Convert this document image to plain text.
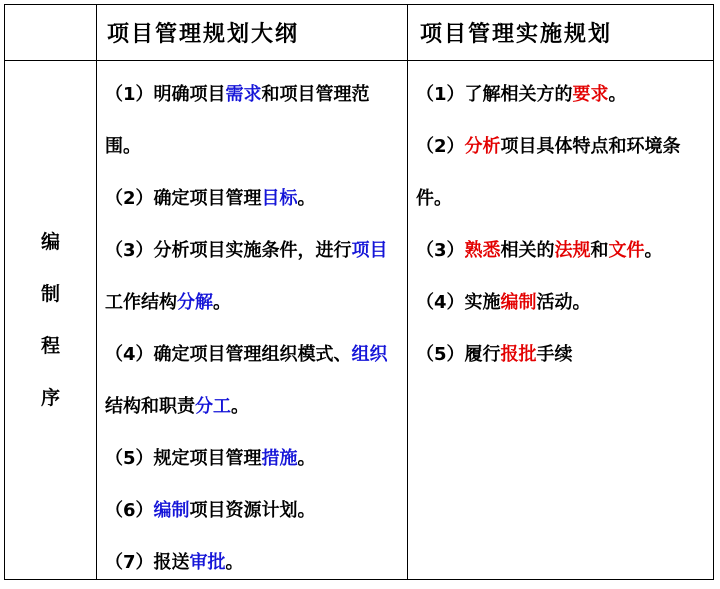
项目管理规划大纲	项目管理实施规划
编
制
程
序

（1）明确项目需求和项目管理范围。

（2）确定项目管理目标。

（3）分析项目实施条件，进行项目工作结构分解。

（4）确定项目管理组织模式、组织结构和职责分工。

（5）规定项目管理措施。

（6）编制项目资源计划。

（7）报送审批。

（1）了解相关方的要求。

（2）分析项目具体特点和环境条件。

（3）熟悉相关的法规和文件。

（4）实施编制活动。

（5）履行报批手续
